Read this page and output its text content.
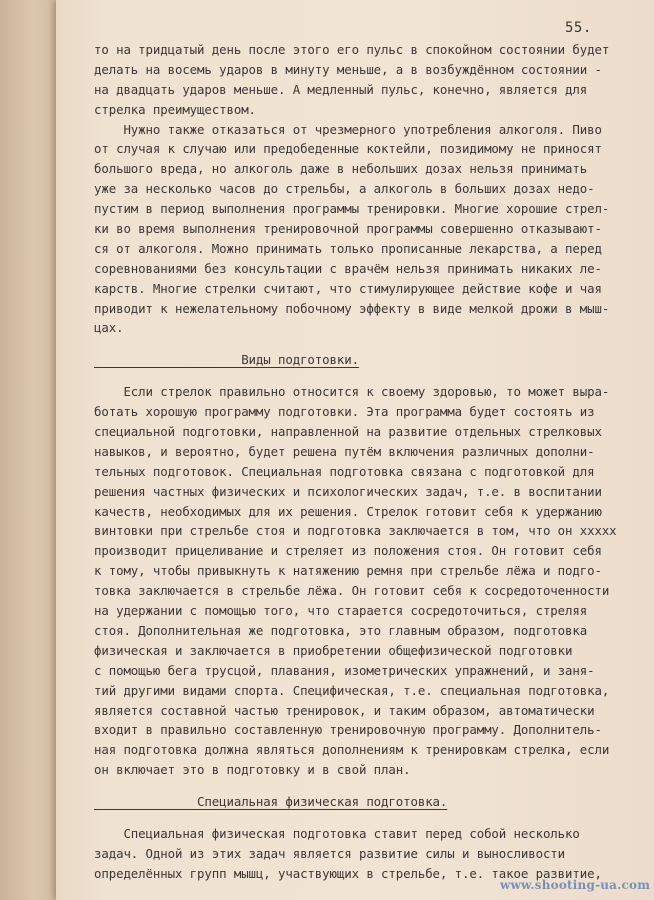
55.
то на тридцатый день после этого его пульс в спокойном состоянии будет
делать на восемь ударов в минуту меньше, а в возбуждённом состоянии -
на двадцать ударов меньше. А медленный пульс, конечно, является для
стрелка преимуществом.
Нужно также отказаться от чрезмерного употребления алкоголя. Пиво
от случая к случаю или предобеденные коктейли, позидимому не приносят
большого вреда, но алкоголь даже в небольших дозах нельзя принимать
уже за несколько часов до стрельбы, а алкоголь в больших дозах недо-
пустим в период выполнения программы тренировки. Многие хорошие стрел-
ки во время выполнения тренировочной программы совершенно отказывают-
ся от алкоголя. Можно принимать только прописанные лекарства, а перед
соревнованиями без консультации с врачём нельзя принимать никаких ле-
карств. Многие стрелки считают, что стимулирующее действие кофе и чая
приводит к нежелательному побочному эффекту в виде мелкой дрожи в мыш-
цах.
Виды подготовки.
Если стрелок правильно относится к своему здоровью, то может выра-
ботать хорошую программу подготовки. Эта программа будет состоять из
специальной подготовки, направленной на развитие отдельных стрелковых
навыков, и вероятно, будет решена путём включения различных дополни-
тельных подготовок. Специальная подготовка связана с подготовкой для
решения частных физических и психологических задач, т.е. в воспитании
качеств, необходимых для их решения. Стрелок готовит себя к удержанию
винтовки при стрельбе стоя и подготовка заключается в том, что он ххххх
производит прицеливание и стреляет из положения стоя. Он готовит себя
к тому, чтобы привыкнуть к натяжению ремня при стрельбе лёжа и подго-
товка заключается в стрельбе лёжа. Он готовит себя к сосредоточенности
на удержании с помощью того, что старается сосредоточиться, стреляя
стоя. Дополнительная же подготовка, это главным образом, подготовка
физическая и заключается в приобретении общефизической подготовки
с помощью бега трусцой, плавания, изометрических упражнений, и заня-
тий другими видами спорта. Специфическая, т.е. специальная подготовка,
является составной частью тренировок, и таким образом, автоматически
входит в правильно составленную тренировочную программу. Дополнитель-
ная подготовка должна являться дополнениям к тренировкам стрелка, если
он включает это в подготовку и в свой план.
Специальная физическая подготовка.
Специальная физическая подготовка ставит перед собой несколько
задач. Одной из этих задач является развитие силы и выносливости
определённых групп мышц, участвующих в стрельбе, т.е. такое развитие,
www.shooting-ua.com
